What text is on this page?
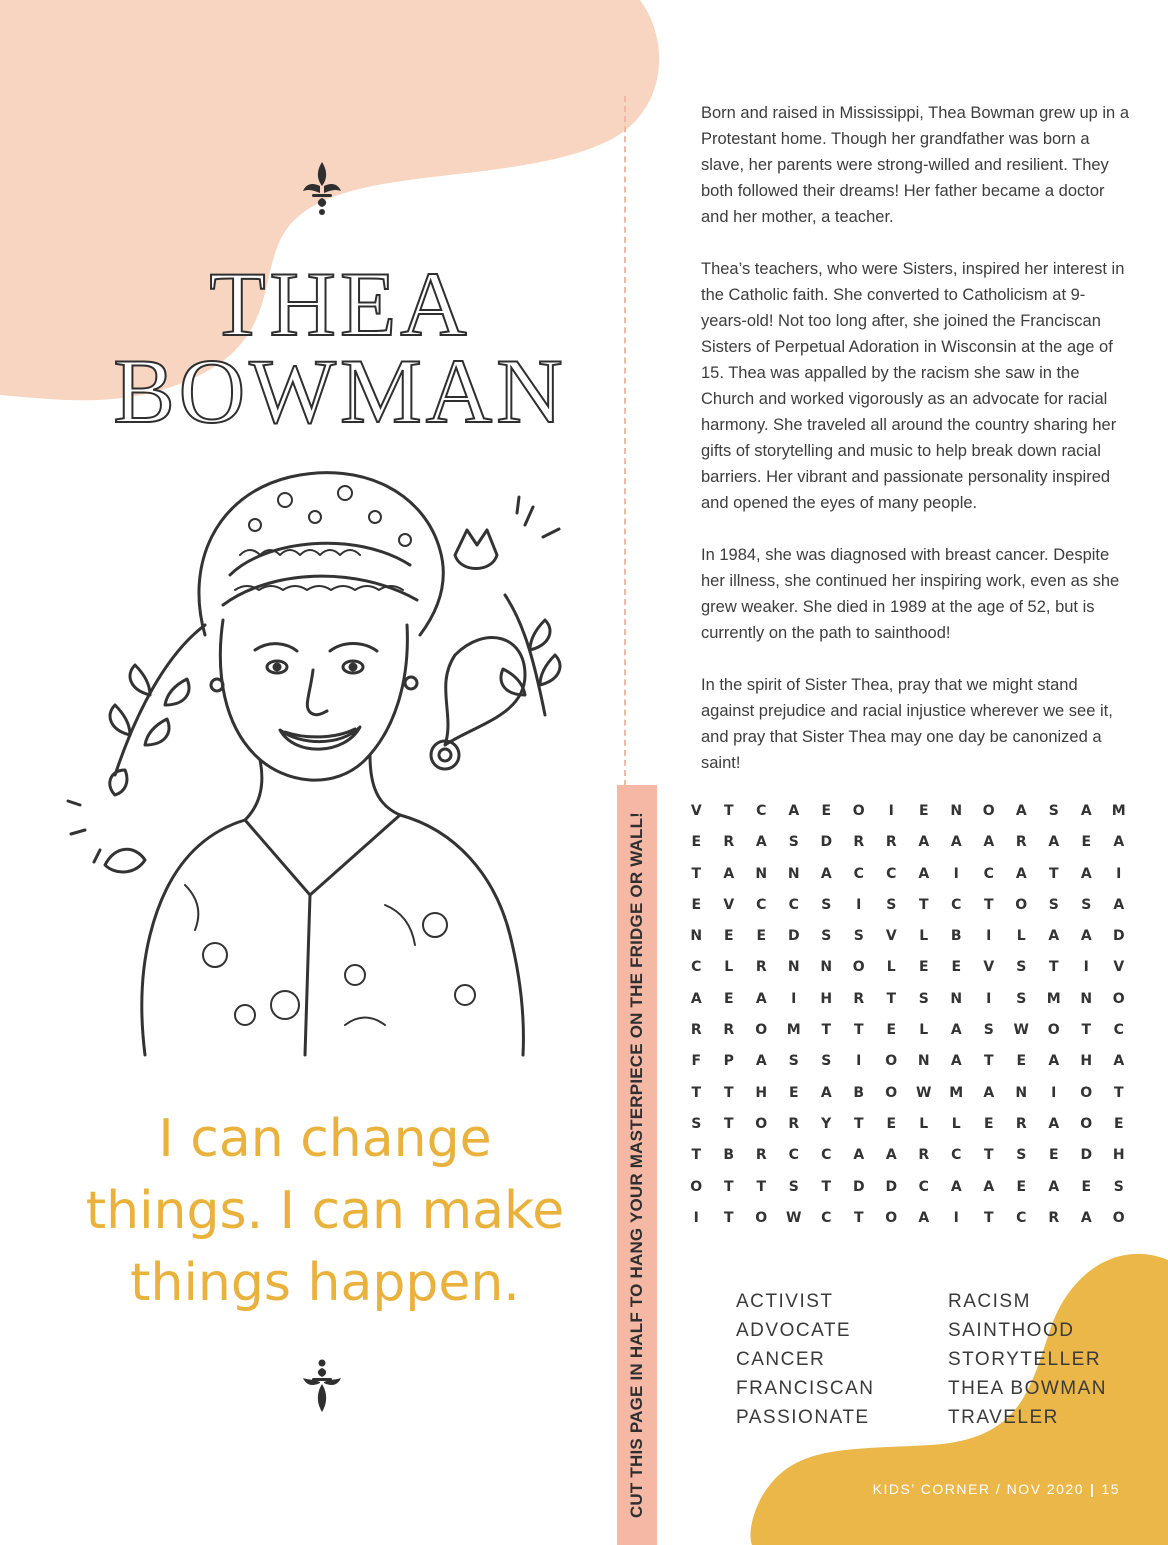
CUT THIS PAGE IN HALF TO HANG YOUR MASTERPIECE ON THE FRIDGE OR WALL!
THEA
BOWMAN
I can change
things. I can make
things happen.

Born and raised in Mississippi, Thea Bowman grew up in a Protestant home. Though her grandfather was born a slave, her parents were strong-willed and resilient. They both followed their dreams! Her father became a doctor and her mother, a teacher.

Thea’s teachers, who were Sisters, inspired her interest in the Catholic faith. She converted to Catholicism at 9-years-old! Not too long after, she joined the Franciscan Sisters of Perpetual Adoration in Wisconsin at the age of 15. Thea was appalled by the racism she saw in the Church and worked vigorously as an advocate for racial harmony. She traveled all around the country sharing her gifts of storytelling and music to help break down racial barriers. Her vibrant and passionate personality inspired and opened the eyes of many people.

In 1984, she was diagnosed with breast cancer. Despite her illness, she continued her inspiring work, even as she grew weaker. She died in 1989 at the age of 52, but is currently on the path to sainthood!

In the spirit of Sister Thea, pray that we might stand against prejudice and racial injustice wherever we see it, and pray that Sister Thea may one day be canonized a saint!

V	T	C	A	E	O	I	E	N	O	A	S	A	M
E	R	A	S	D	R	R	A	A	A	R	A	E	A
T	A	N	N	A	C	C	A	I	C	A	T	A	I
E	V	C	C	S	I	S	T	C	T	O	S	S	A
N	E	E	D	S	S	V	L	B	I	L	A	A	D
C	L	R	N	N	O	L	E	E	V	S	T	I	V
A	E	A	I	H	R	T	S	N	I	S	M	N	O
R	R	O	M	T	T	E	L	A	S	W	O	T	C
F	P	A	S	S	I	O	N	A	T	E	A	H	A
T	T	H	E	A	B	O	W	M	A	N	I	O	T
S	T	O	R	Y	T	E	L	L	E	R	A	O	E
T	B	R	C	C	A	A	R	C	T	S	E	D	H
O	T	T	S	T	D	D	C	A	A	E	A	E	S
I	T	O	W	C	T	O	A	I	T	C	R	A	O
ACTIVIST
ADVOCATE
CANCER
FRANCISCAN
PASSIONATE
RACISM
SAINTHOOD
STORYTELLER
THEA BOWMAN
TRAVELER
KIDS’ CORNER / NOV 2020 | 15
